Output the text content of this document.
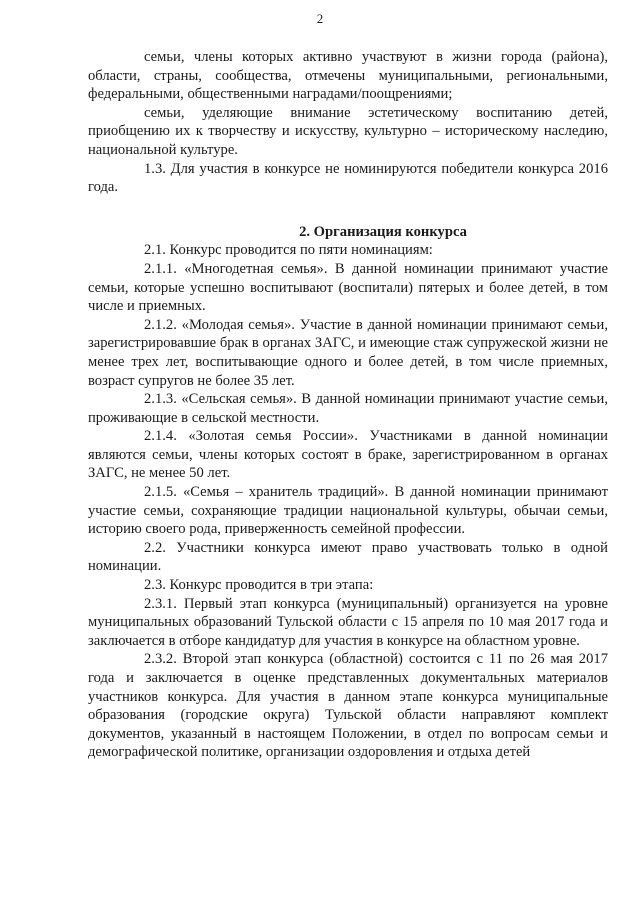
2

семьи, члены которых активно участвуют в жизни города (района), области, страны, сообщества, отмечены муниципальными, региональными, федеральными, общественными наградами/поощрениями;

семьи, уделяющие внимание эстетическому воспитанию детей, приобщению их к творчеству и искусству, культурно – историческому наследию, национальной культуре.

1.3. Для участия в конкурсе не номинируются победители конкурса 2016 года.

2. Организация конкурса

2.1. Конкурс проводится по пяти номинациям:

2.1.1. «Многодетная семья». В данной номинации принимают участие семьи, которые успешно воспитывают (воспитали) пятерых и более детей, в том числе и приемных.

2.1.2. «Молодая семья». Участие в данной номинации принимают семьи, зарегистрировавшие брак в органах ЗАГС, и имеющие стаж супружеской жизни не менее трех лет, воспитывающие одного и более детей, в том числе приемных, возраст супругов не более 35 лет.

2.1.3. «Сельская семья». В данной номинации принимают участие семьи, проживающие в сельской местности.

2.1.4. «Золотая семья России». Участниками в данной номинации являются семьи, члены которых состоят в браке, зарегистрированном в органах ЗАГС, не менее 50 лет.

2.1.5. «Семья – хранитель традиций». В данной номинации принимают участие семьи, сохраняющие традиции национальной культуры, обычаи семьи, историю своего рода, приверженность семейной профессии.

2.2. Участники конкурса имеют право участвовать только в одной номинации.

2.3. Конкурс проводится в три этапа:

2.3.1. Первый этап конкурса (муниципальный) организуется на уровне муниципальных образований Тульской области с 15 апреля по 10 мая 2017 года и заключается в отборе кандидатур для участия в конкурсе на областном уровне.

2.3.2. Второй этап конкурса (областной) состоится с 11 по 26 мая 2017 года и заключается в оценке представленных документальных материалов участников конкурса. Для участия в данном этапе конкурса муниципальные образования (городские округа) Тульской области направляют комплект документов, указанный в настоящем Положении, в отдел по вопросам семьи и демографической политике, организации оздоровления и отдыха детей
